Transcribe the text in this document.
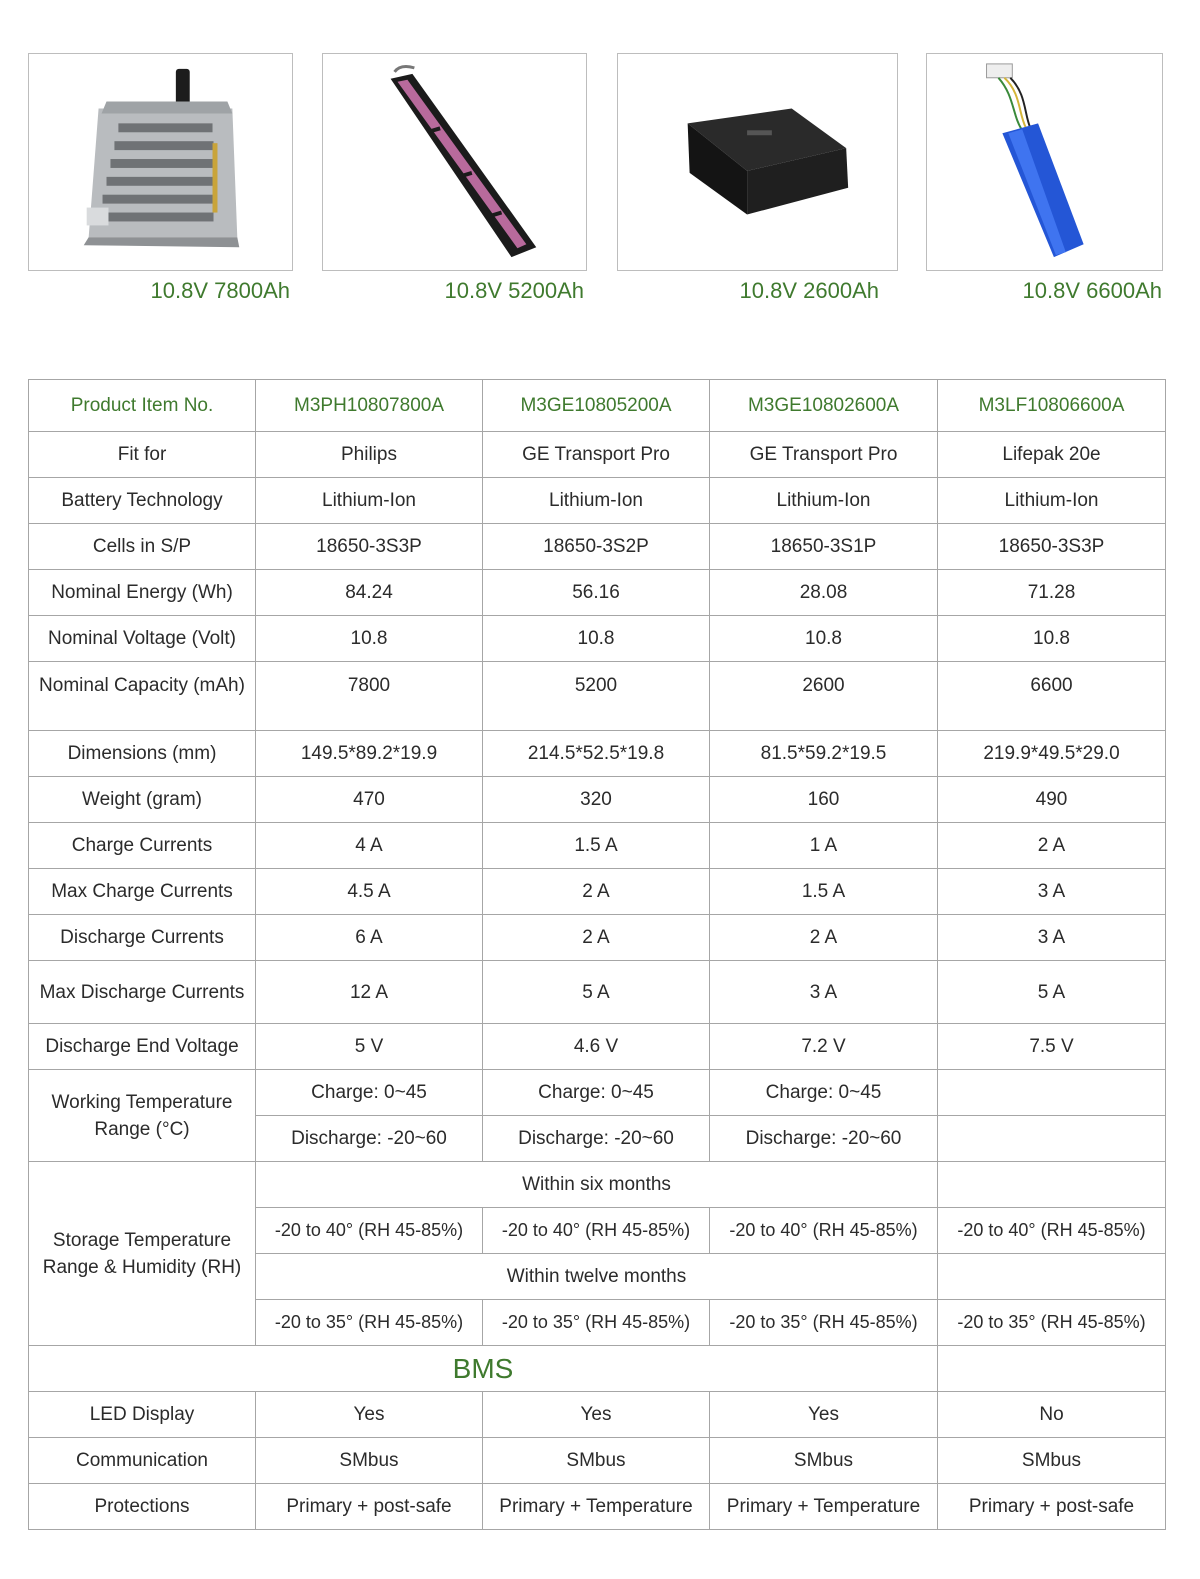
10.8V 7800Ah	10.8V 5200Ah	10.8V 2600Ah	10.8V 6600Ah
Product Item No.	M3PH10807800A	M3GE10805200A	M3GE10802600A	M3LF10806600A
Fit for	Philips	GE Transport Pro	GE Transport Pro	Lifepak 20e
Battery Technology	Lithium-Ion	Lithium-Ion	Lithium-Ion	Lithium-Ion
Cells in S/P	18650-3S3P	18650-3S2P	18650-3S1P	18650-3S3P
Nominal Energy (Wh)	84.24	56.16	28.08	71.28
Nominal Voltage (Volt)	10.8	10.8	10.8	10.8
Nominal Capacity (mAh)	7800	5200	2600	6600
Dimensions (mm)	149.5*89.2*19.9	214.5*52.5*19.8	81.5*59.2*19.5	219.9*49.5*29.0
Weight (gram)	470	320	160	490
Charge Currents	4 A	1.5 A	1 A	2 A
Max Charge Currents	4.5 A	2 A	1.5 A	3 A
Discharge Currents	6 A	2 A	2 A	3 A
Max Discharge Currents	12 A	5 A	3 A	5 A
Discharge End Voltage	5 V	4.6 V	7.2 V	7.5 V
Working Temperature Range (°C)	Charge: 0~45	Charge: 0~45	Charge: 0~45	
	Discharge: -20~60	Discharge: -20~60	Discharge: -20~60	
Storage Temperature Range & Humidity (RH)	Within six months			
	-20 to 40° (RH 45-85%)	-20 to 40° (RH 45-85%)	-20 to 40° (RH 45-85%)	-20 to 40° (RH 45-85%)
	Within twelve months			
	-20 to 35° (RH 45-85%)	-20 to 35° (RH 45-85%)	-20 to 35° (RH 45-85%)	-20 to 35° (RH 45-85%)
BMS				
LED Display	Yes	Yes	Yes	No
Communication	SMbus	SMbus	SMbus	SMbus
Protections	Primary + post-safe	Primary + Temperature	Primary + Temperature	Primary + post-safe
